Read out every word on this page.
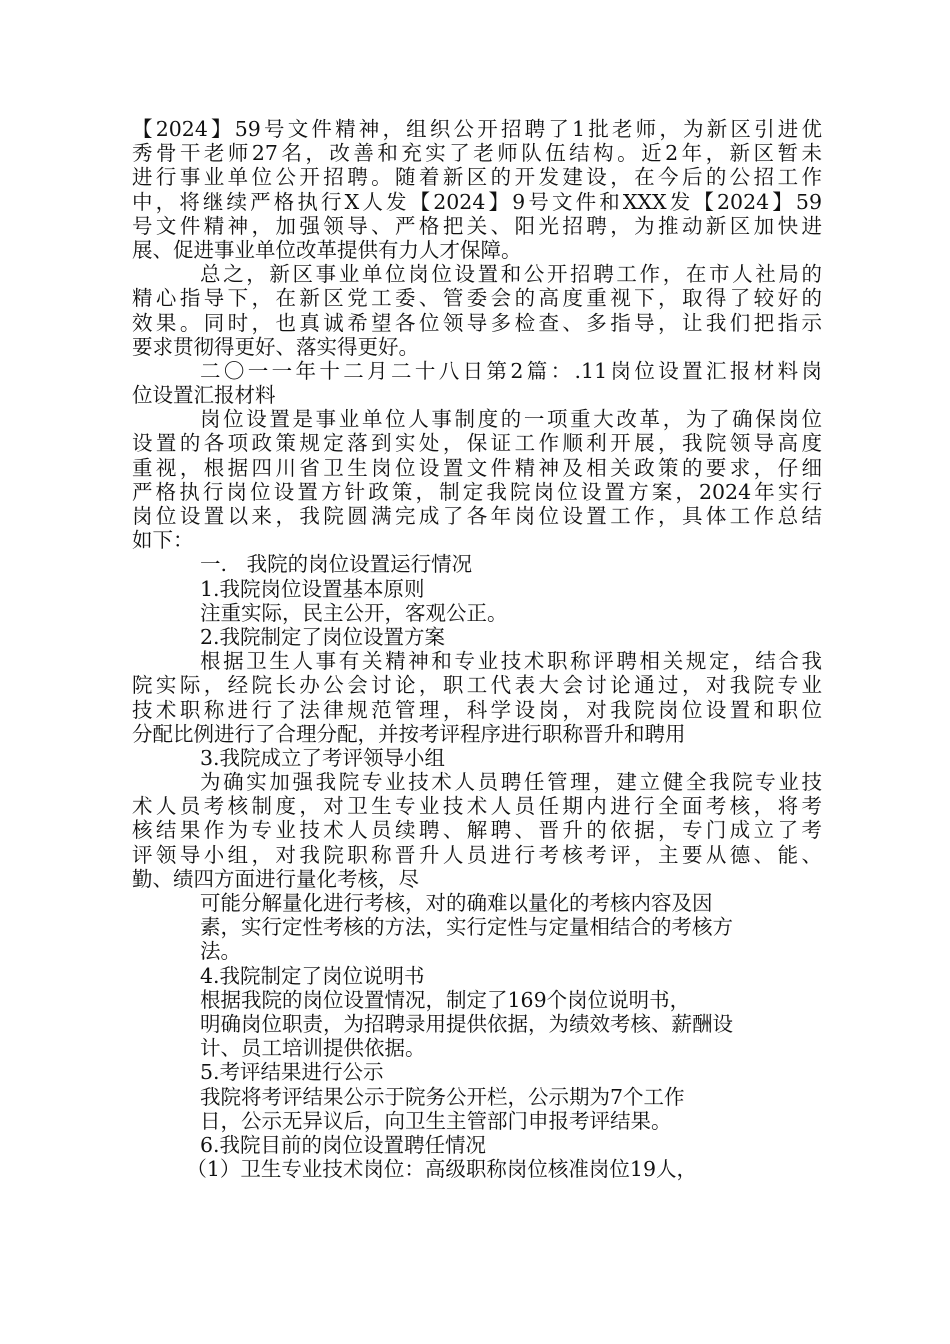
【2024】59号文件精神，组织公开招聘了1批老师，为新区引进优
秀骨干老师27名，改善和充实了老师队伍结构。近2年，新区暂未
进行事业单位公开招聘。随着新区的开发建设，在今后的公招工作
中，将继续严格执行X人发【2024】9号文件和XXX发【2024】59
号文件精神，加强领导、严格把关、阳光招聘，为推动新区加快进
展、促进事业单位改革提供有力人才保障。
总之，新区事业单位岗位设置和公开招聘工作，在市人社局的
精心指导下，在新区党工委、管委会的高度重视下，取得了较好的
效果。同时，也真诚希望各位领导多检查、多指导，让我们把指示
要求贯彻得更好、落实得更好。
二〇一一年十二月二十八日第2篇：.11岗位设置汇报材料岗
位设置汇报材料
岗位设置是事业单位人事制度的一项重大改革，为了确保岗位
设置的各项政策规定落到实处，保证工作顺利开展，我院领导高度
重视，根据四川省卫生岗位设置文件精神及相关政策的要求，仔细
严格执行岗位设置方针政策，制定我院岗位设置方案，2024年实行
岗位设置以来，我院圆满完成了各年岗位设置工作，具体工作总结
如下：
一.   我院的岗位设置运行情况
1.我院岗位设置基本原则
注重实际，民主公开，客观公正。
2.我院制定了岗位设置方案
根据卫生人事有关精神和专业技术职称评聘相关规定，结合我
院实际，经院长办公会讨论，职工代表大会讨论通过，对我院专业
技术职称进行了法律规范管理，科学设岗，对我院岗位设置和职位
分配比例进行了合理分配，并按考评程序进行职称晋升和聘用
3.我院成立了考评领导小组
为确实加强我院专业技术人员聘任管理，建立健全我院专业技
术人员考核制度，对卫生专业技术人员任期内进行全面考核，将考
核结果作为专业技术人员续聘、解聘、晋升的依据，专门成立了考
评领导小组，对我院职称晋升人员进行考核考评，主要从德、能、
勤、绩四方面进行量化考核，尽
可能分解量化进行考核，对的确难以量化的考核内容及因
素，实行定性考核的方法，实行定性与定量相结合的考核方
法。
4.我院制定了岗位说明书
根据我院的岗位设置情况，制定了169个岗位说明书，
明确岗位职责，为招聘录用提供依据，为绩效考核、薪酬设
计、员工培训提供依据。
5.考评结果进行公示
我院将考评结果公示于院务公开栏，公示期为7个工作
日，公示无异议后，向卫生主管部门申报考评结果。
6.我院目前的岗位设置聘任情况
（1）卫生专业技术岗位：高级职称岗位核准岗位19人，
